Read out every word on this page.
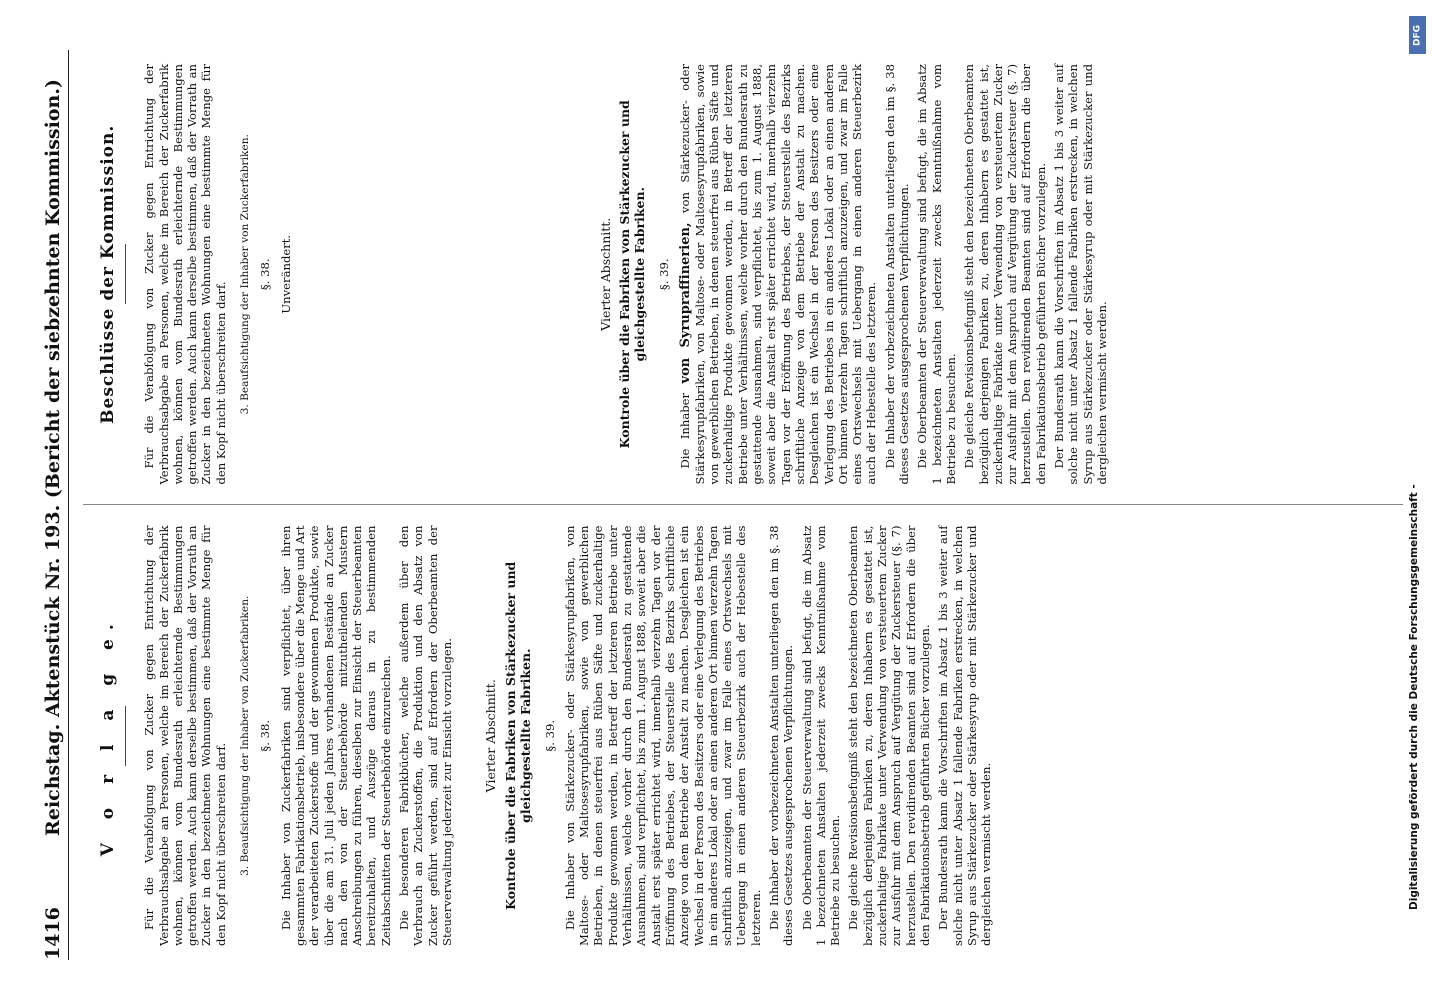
1416
Reichstag. Aktenstück Nr. 193. (Bericht der siebzehnten Kommission.) V o r l a g e. Für die Verabfolgung von Zucker gegen Entrichtung der Verbrauchsabgabe an Personen, welche im Bereich der Zuckerfabrik wohnen, können vom Bundesrath erleichternde Bestimmungen getroffen werden. Auch kann derselbe bestimmen, daß der Vorrath an Zucker in den bezeichneten Wohnungen eine bestimmte Menge für den Kopf nicht überschreiten darf. 3. Beaufsichtigung der Inhaber von Zuckerfabriken. §. 38. Die Inhaber von Zuckerfabriken sind verpflichtet, über ihren gesammten Fabrikationsbetrieb, insbesondere über die Menge und Art der verarbeiteten Zuckerstoffe und der gewonnenen Produkte, sowie über die am 31. Juli jeden Jahres vorhandenen Bestände an Zucker nach den von der Steuerbehörde mitzutheilenden Mustern Anschreibungen zu führen, dieselben zur Einsicht der Steuerbeamten bereitzuhalten, und Auszüge daraus in zu bestimmenden Zeitabschnitten der Steuerbehörde einzureichen. Die besonderen Fabrikbücher, welche außerdem über den Verbrauch an Zuckerstoffen, die Produktion und den Absatz von Zucker geführt werden, sind auf Erfordern der Oberbeamten der Steuerverwaltung jederzeit zur Einsicht vorzulegen. Vierter Abschnitt. Kontrole über die Fabriken von Stärkezucker und gleichgestellte Fabriken. §. 39. Die Inhaber von Stärkezucker- oder Stärkesyrupfabriken, von Maltose- oder Maltosesyrupfabriken, sowie von gewerblichen Betrieben, in denen steuerfrei aus Rüben Säfte und zuckerhaltige Produkte gewonnen werden, in Betreff der letzteren Betriebe unter Verhältnissen, welche vorher durch den Bundesrath zu gestattende Ausnahmen, sind verpflichtet, bis zum 1. August 1888, soweit aber die Anstalt erst später errichtet wird, innerhalb vierzehn Tagen vor der Eröffnung des Betriebes, der Steuerstelle des Bezirks schriftliche Anzeige von dem Betriebe der Anstalt zu machen. Desgleichen ist ein Wechsel in der Person des Besitzers oder eine Verlegung des Betriebes in ein anderes Lokal oder an einen anderen Ort binnen vierzehn Tagen schriftlich anzuzeigen, und zwar im Falle eines Ortswechsels mit Uebergang in einen anderen Steuerbezirk auch der Hebestelle des letzteren. Die Inhaber der vorbezeichneten Anstalten unterliegen den im §. 38 dieses Gesetzes ausgesprochenen Verpflichtungen. Die Oberbeamten der Steuerverwaltung sind befugt, die im Absatz 1 bezeichneten Anstalten jederzeit zwecks Kenntnißnahme vom Betriebe zu besuchen. Die gleiche Revisionsbefugniß steht den bezeichneten Oberbeamten bezüglich derjenigen Fabriken zu, deren Inhabern es gestattet ist, zuckerhaltige Fabrikate unter Verwendung von versteuertem Zucker zur Ausfuhr mit dem Anspruch auf Vergütung der Zuckersteuer (§. 7) herzustellen. Den revidirenden Beamten sind auf Erfordern die über den Fabrikationsbetrieb geführten Bücher vorzulegen. Der Bundesrath kann die Vorschriften im Absatz 1 bis 3 weiter auf solche nicht unter Absatz 1 fallende Fabriken erstrecken, in welchen Syrup aus Stärkezucker oder Stärkesyrup oder mit Stärkezucker und dergleichen vermischt werden.

Beschlüsse der Kommission. Für die Verabfolgung von Zucker gegen Entrichtung der Verbrauchsabgabe an Personen, welche im Bereich der Zuckerfabrik wohnen, können vom Bundesrath erleichternde Bestimmungen getroffen werden. Auch kann derselbe bestimmen, daß der Vorrath an Zucker in den bezeichneten Wohnungen eine bestimmte Menge für den Kopf nicht überschreiten darf. 3. Beaufsichtigung der Inhaber von Zuckerfabriken. §. 38. Unverändert.	Vierter Abschnitt. Kontrole über die Fabriken von Stärkezucker und gleichgestellte Fabriken. §. 39.

Die Inhaber von Syrupraffinerien, von Stärkezucker- oder Stärkesyrupfabriken, von Maltose- oder Maltosesyrupfabriken, sowie von gewerblichen Betrieben, in denen steuerfrei aus Rüben Säfte und zuckerhaltige Produkte gewonnen werden, in Betreff der letzteren Betriebe unter Verhältnissen, welche vorher durch den Bundesrath zu gestattende Ausnahmen, sind verpflichtet, bis zum 1. August 1888, soweit aber die Anstalt erst später errichtet wird, innerhalb vierzehn Tagen vor der Eröffnung des Betriebes, der Steuerstelle des Bezirks schriftliche Anzeige von dem Betriebe der Anstalt zu machen. Desgleichen ist ein Wechsel in der Person des Besitzers oder eine Verlegung des Betriebes in ein anderes Lokal oder an einen anderen Ort binnen vierzehn Tagen schriftlich anzuzeigen, und zwar im Falle eines Ortswechsels mit Uebergang in einen anderen Steuerbezirk auch der Hebestelle des letzteren. Die Inhaber der vorbezeichneten Anstalten unterliegen den im §. 38 dieses Gesetzes ausgesprochenen Verpflichtungen. Die Oberbeamten der Steuerverwaltung sind befugt, die im Absatz 1 bezeichneten Anstalten jederzeit zwecks Kenntnißnahme vom Betriebe zu besuchen. Die gleiche Revisionsbefugniß steht den bezeichneten Oberbeamten bezüglich derjenigen Fabriken zu, deren Inhabern es gestattet ist, zuckerhaltige Fabrikate unter Verwendung von versteuertem Zucker zur Ausfuhr mit dem Anspruch auf Vergütung der Zuckersteuer (§. 7) herzustellen. Den revidirenden Beamten sind auf Erfordern die über den Fabrikationsbetrieb geführten Bücher vorzulegen. Der Bundesrath kann die Vorschriften im Absatz 1 bis 3 weiter auf solche nicht unter Absatz 1 fallende Fabriken erstrecken, in welchen Syrup aus Stärkezucker oder Stärkesyrup oder mit Stärkezucker und dergleichen vermischt werden.

DFG
Digitalisierung gefördert durch die Deutsche Forschungsgemeinschaft -
